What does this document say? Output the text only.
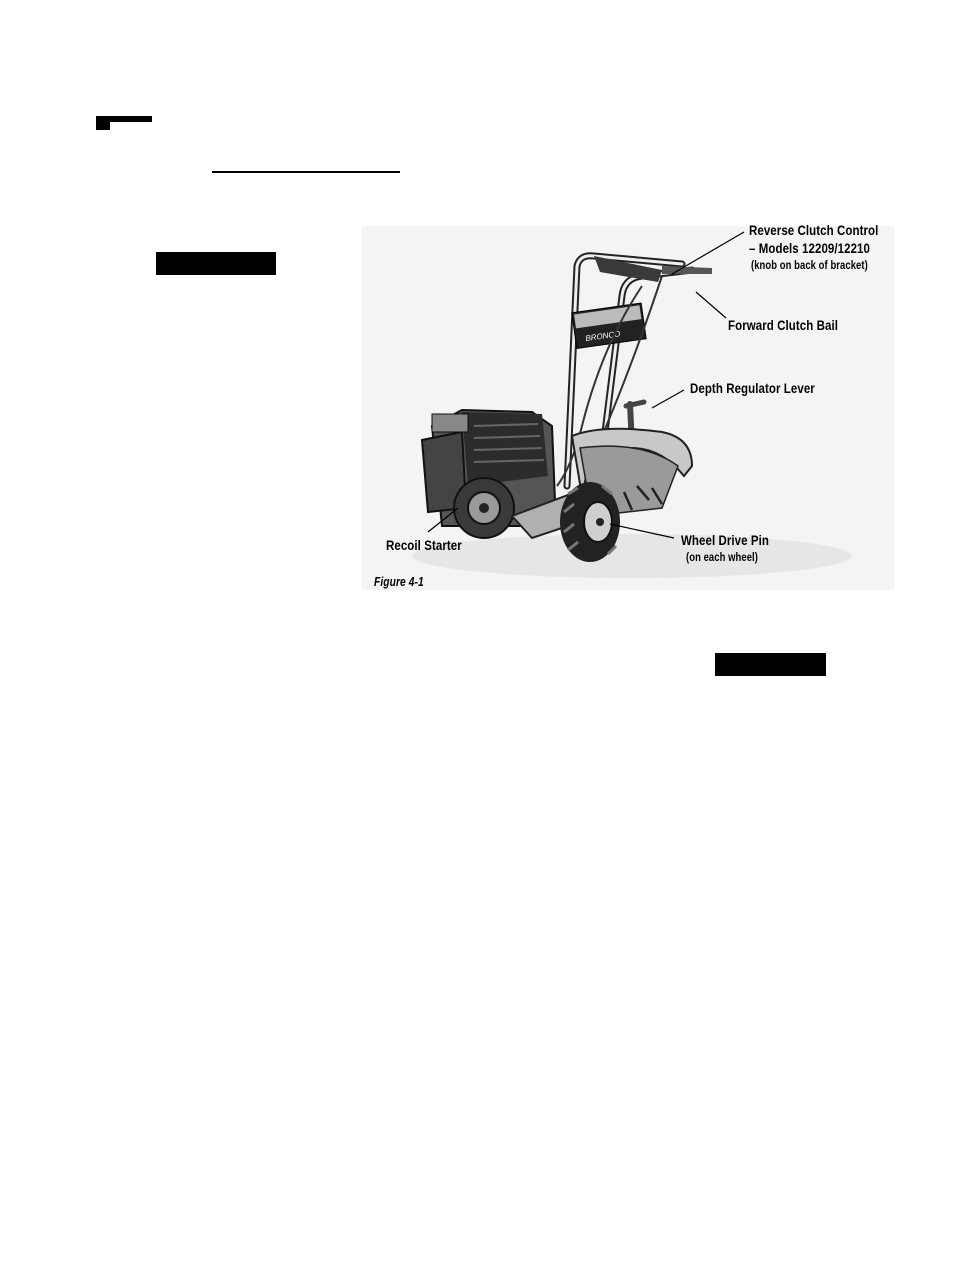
BRONCO
Reverse Clutch Control
– Models 12209/12210
(knob on back of bracket)
Forward Clutch Bail
Depth Regulator Lever
Wheel Drive Pin
(on each wheel)
Recoil Starter
Figure 4-1
